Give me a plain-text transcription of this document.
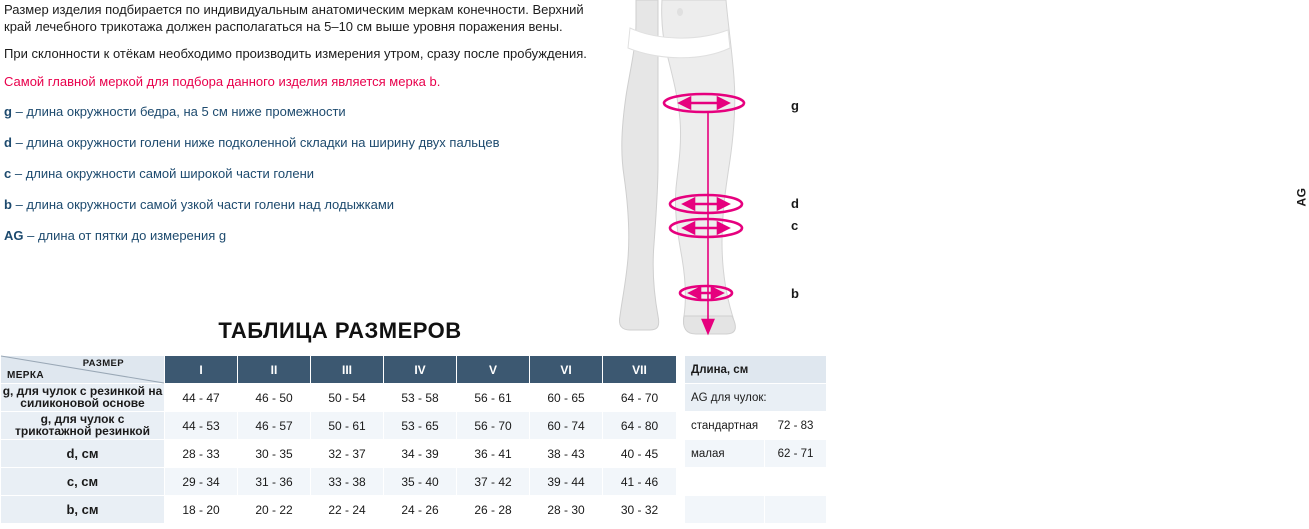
Размер изделия подбирается по индивидуальным анатомическим меркам конечности. Верхний край лечебного трикотажа должен располагаться на 5–10 см выше уровня поражения вены.

При склонности к отёкам необходимо производить измерения утром, сразу после пробуждения.

Самой главной меркой для подбора данного изделия является мерка b.

g – длина окружности бедра, на 5 см ниже промежности

d – длина окружности голени ниже подколенной складки на ширину двух пальцев

c – длина окружности самой широкой части голени

b – длина окружности самой узкой части голени над лодыжками

AG – длина от пятки до измерения g

AG
g
d
c
b
ТАБЛИЦА РАЗМЕРОВ
РАЗМЕР
МЕРКА	I	II	III	IV	V	VI	VII
g, для чулок с резинкой на силиконовой основе	44 - 47	46 - 50	50 - 54	53 - 58	56 - 61	60 - 65	64 - 70
g, для чулок с трикотажной резинкой	44 - 53	46 - 57	50 - 61	53 - 65	56 - 70	60 - 74	64 - 80
d, см	28 - 33	30 - 35	32 - 37	34 - 39	36 - 41	38 - 43	40 - 45
c, см	29 - 34	31 - 36	33 - 38	35 - 40	37 - 42	39 - 44	41 - 46
b, см	18 - 20	20 - 22	22 - 24	24 - 26	26 - 28	28 - 30	30 - 32
Длина, см	
AG для чулок:	
стандартная	72 - 83
малая	62 - 71
